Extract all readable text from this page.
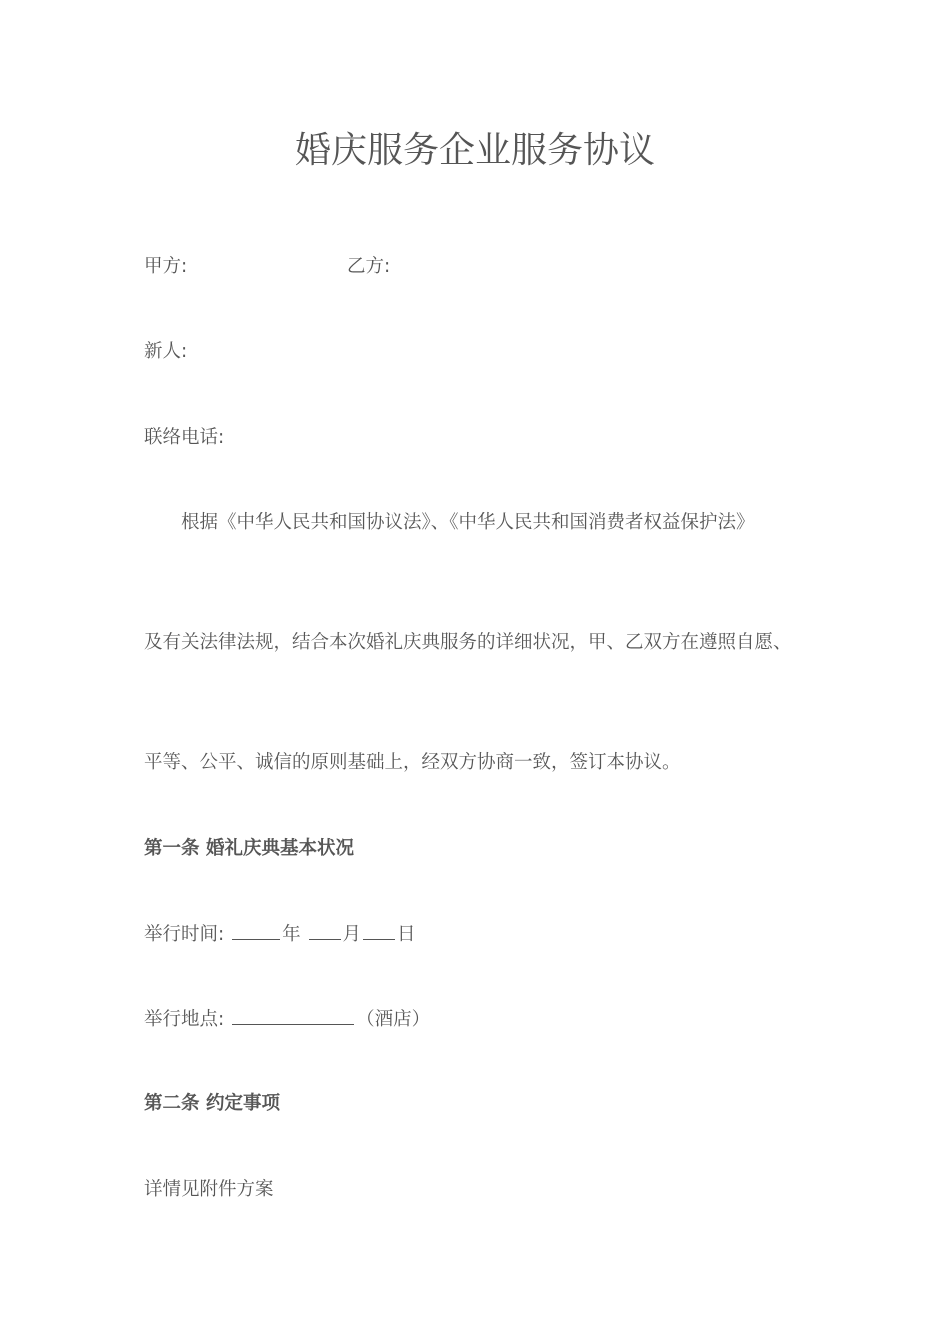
婚庆服务企业服务协议
甲方:	乙方:
新人:
联络电话:
根据《中华人民共和国协议法》、《中华人民共和国消费者权益保护法》
及有关法律法规，结合本次婚礼庆典服务的详细状况，甲、乙双方在遵照自愿、
平等、公平、诚信的原则基础上，经双方协商一致，签订本协议。
第一条 婚礼庆典基本状况
举行时间:	年 月 日
举行地点:	（酒店）
第二条 约定事项
详情见附件方案
